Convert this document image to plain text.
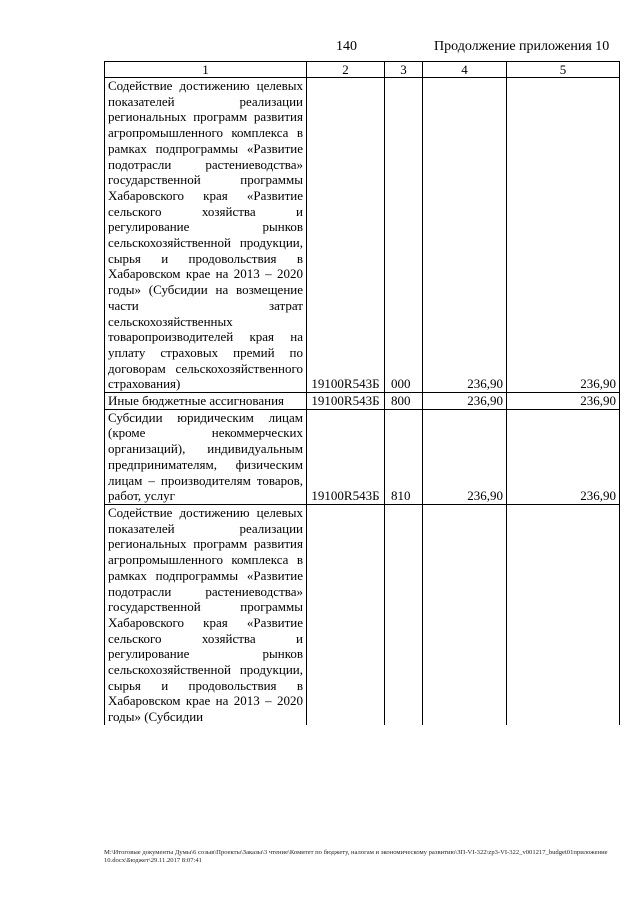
140	Продолжение приложения 10
1	2	3	4	5

Содействие достижению целевых показателей реализации региональных программ развития агропромышленного комплекса в рамках подпрограммы «Развитие подотрасли растениеводства» государственной программы Хабаровского края «Развитие сельского хозяйства и регулирование рынков сельскохозяйственной продукции, сырья и продовольствия в Хабаровском крае на 2013 – 2020 годы» (Субсидии на возмещение части затрат сельскохозяйственных товаропроизводителей края на уплату страховых премий по договорам сельскохозяйственного страхования)	19100R543Б	000	236,90	236,90

Иные бюджетные ассигнования	19100R543Б	800	236,90	236,90

Субсидии юридическим лицам (кроме некоммерческих организаций), индивидуальным предпринимателям, физическим лицам – производителям товаров, работ, услуг	19100R543Б	810	236,90	236,90

Содействие достижению целевых показателей реализации региональных программ развития агропромышленного комплекса в рамках подпрограммы «Развитие подотрасли растениеводства» государственной программы Хабаровского края «Развитие сельского хозяйства и регулирование рынков сельскохозяйственной продукции, сырья и продовольствия в Хабаровском крае на 2013 – 2020 годы» (Субсидии				

М:\Итоговые документы Думы\6 созыв\Проекты\Заказы\3 чтение\Комитет по бюджету, налогам и экономическому развитию\ЗП-VI-322\zp3-VI-322_v001217_budget01приложение 10.docx\Бюджет\29.11.2017 8:07:41
